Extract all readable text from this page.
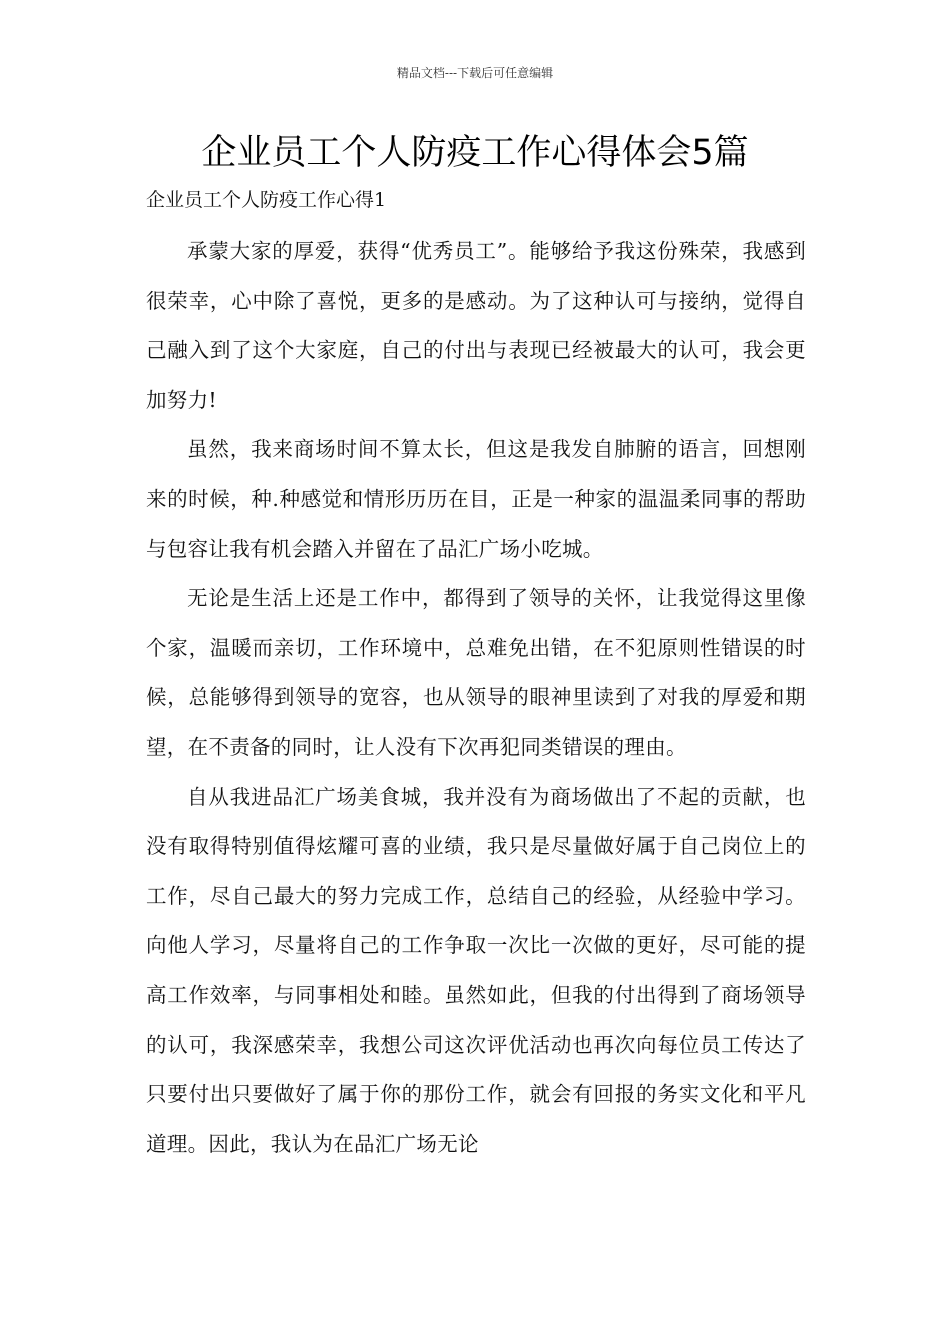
精品文档---下载后可任意编辑
企业员工个人防疫工作心得体会5篇
企业员工个人防疫工作心得1

承蒙大家的厚爱，获得“优秀员工”。能够给予我这份殊荣，我感到很荣幸，心中除了喜悦，更多的是感动。为了这种认可与接纳，觉得自己融入到了这个大家庭，自己的付出与表现已经被最大的认可，我会更加努力!

虽然，我来商场时间不算太长，但这是我发自肺腑的语言，回想刚来的时候，种.种感觉和情形历历在目，正是一种家的温温柔同事的帮助与包容让我有机会踏入并留在了品汇广场小吃城。

无论是生活上还是工作中，都得到了领导的关怀，让我觉得这里像个家，温暖而亲切，工作环境中，总难免出错，在不犯原则性错误的时候，总能够得到领导的宽容，也从领导的眼神里读到了对我的厚爱和期望，在不责备的同时，让人没有下次再犯同类错误的理由。

自从我进品汇广场美食城，我并没有为商场做出了不起的贡献，也没有取得特别值得炫耀可喜的业绩，我只是尽量做好属于自己岗位上的工作，尽自己最大的努力完成工作，总结自己的经验，从经验中学习。向他人学习，尽量将自己的工作争取一次比一次做的更好，尽可能的提高工作效率，与同事相处和睦。虽然如此，但我的付出得到了商场领导的认可，我深感荣幸，我想公司这次评优活动也再次向每位员工传达了只要付出只要做好了属于你的那份工作，就会有回报的务实文化和平凡道理。因此，我认为在品汇广场无论
